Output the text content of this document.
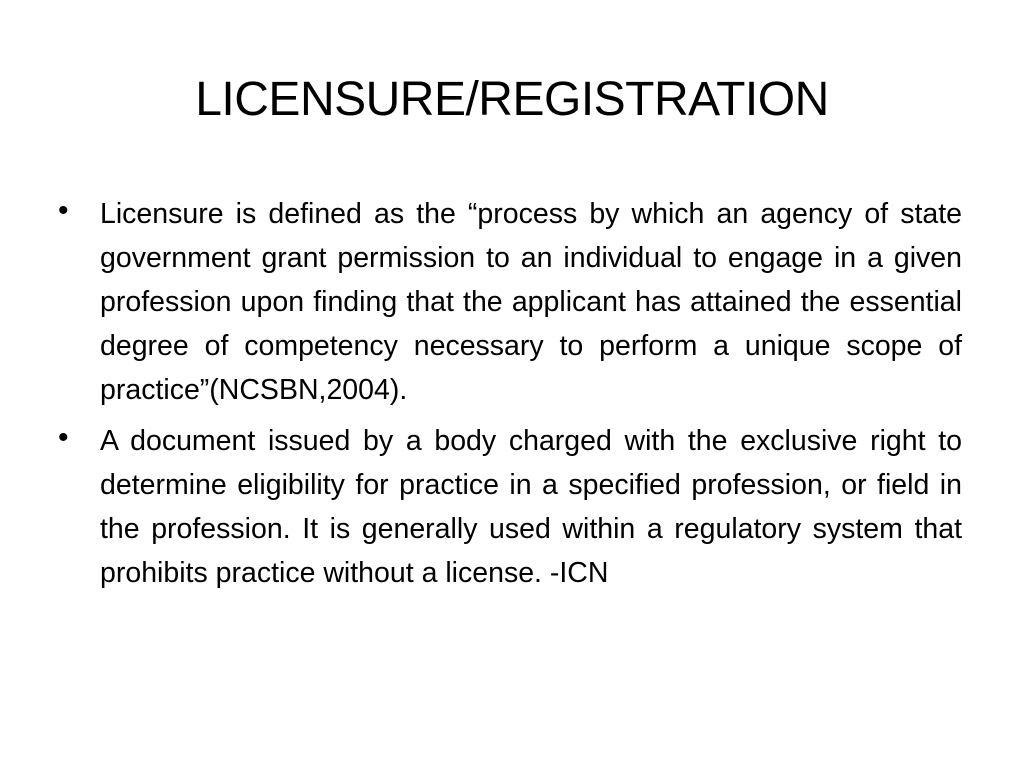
LICENSURE/REGISTRATION
•	Licensure is defined as the “process by which an agency of state government grant permission to an individual to engage in a given profession upon finding that the applicant has attained the essential degree of competency necessary to perform a unique scope of practice”(NCSBN,2004).
•	A document issued by a body charged with the exclusive right to determine eligibility for practice in a specified profession, or field in the profession. It is generally used within a regulatory system that prohibits practice without a license. -ICN
